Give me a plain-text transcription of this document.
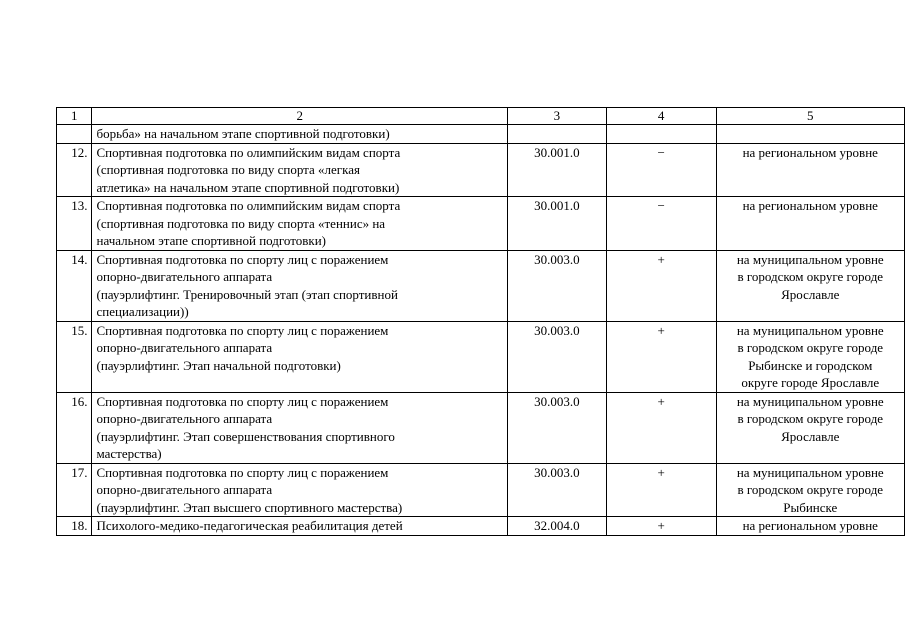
1	2	3	4	5

	борьба» на начальном этапе спортивной подготовки)			

12.	Спортивная подготовка по олимпийским видам спорта
(спортивная подготовка по виду спорта «легкая
атлетика» на начальном этапе спортивной подготовки)	30.001.0	−	на региональном уровне

13.	Спортивная подготовка по олимпийским видам спорта
(спортивная подготовка по виду спорта «теннис» на
начальном этапе спортивной подготовки)	30.001.0	−	на региональном уровне

14.	Спортивная подготовка по спорту лиц с поражением
опорно-двигательного аппарата
(пауэрлифтинг. Тренировочный этап (этап спортивной
специализации))	30.003.0	+	на муниципальном уровне
в городском округе городе
Ярославле

15.	Спортивная подготовка по спорту лиц с поражением
опорно-двигательного аппарата
(пауэрлифтинг. Этап начальной подготовки)	30.003.0	+	на муниципальном уровне
в городском округе городе
Рыбинске и городском
округе городе Ярославле

16.	Спортивная подготовка по спорту лиц с поражением
опорно-двигательного аппарата
(пауэрлифтинг. Этап совершенствования спортивного
мастерства)	30.003.0	+	на муниципальном уровне
в городском округе городе
Ярославле

17.	Спортивная подготовка по спорту лиц с поражением
опорно-двигательного аппарата
(пауэрлифтинг. Этап высшего спортивного мастерства)	30.003.0	+	на муниципальном уровне
в городском округе городе
Рыбинске

18.	Психолого-медико-педагогическая реабилитация детей	32.004.0	+	на региональном уровне
